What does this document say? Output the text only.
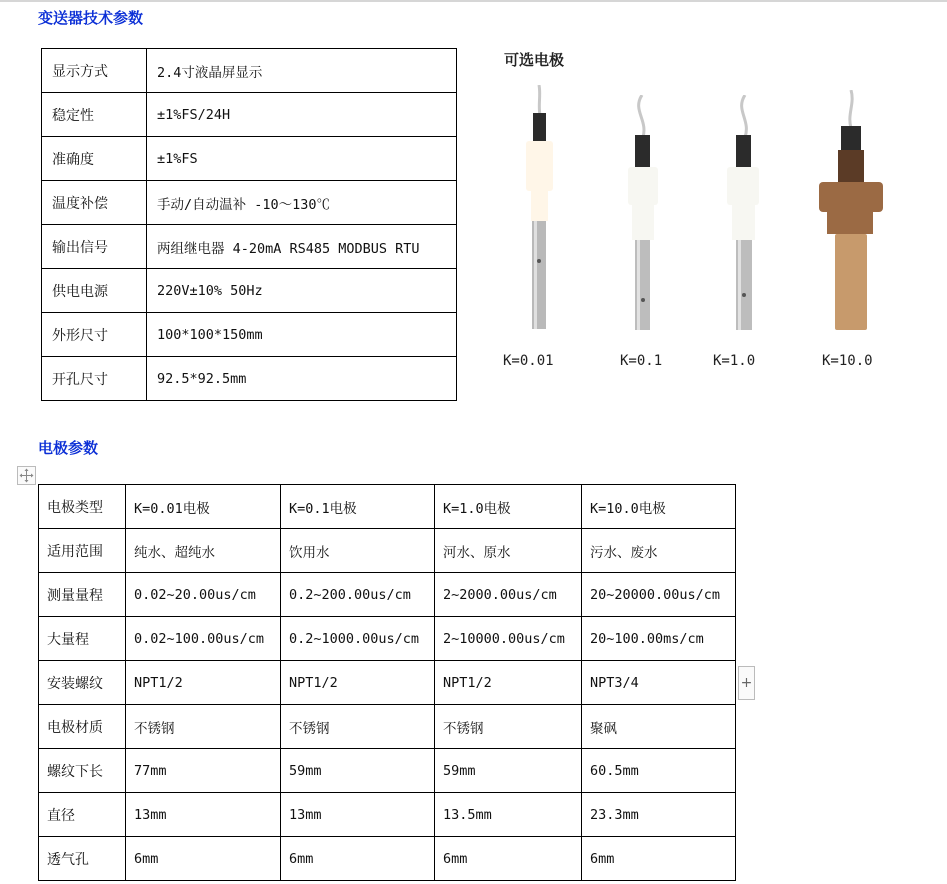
变送器技术参数
显示方式	2.4寸液晶屏显示
稳定性	±1%FS/24H
准确度	±1%FS
温度补偿	手动/自动温补 -10～130℃
输出信号	两组继电器 4-20mA RS485 MODBUS RTU
供电电源	220V±10% 50Hz
外形尺寸	100*100*150mm
开孔尺寸	92.5*92.5mm
可选电极
K=0.01	K=0.1	K=1.0	K=10.0
电极参数
电极类型	K=0.01电极	K=0.1电极	K=1.0电极	K=10.0电极
适用范围	纯水、超纯水	饮用水	河水、原水	污水、废水
测量量程	0.02~20.00us/cm	0.2~200.00us/cm	2~2000.00us/cm	20~20000.00us/cm
大量程	0.02~100.00us/cm	0.2~1000.00us/cm	2~10000.00us/cm	20~100.00ms/cm
安装螺纹	NPT1/2	NPT1/2	NPT1/2	NPT3/4
电极材质	不锈钢	不锈钢	不锈钢	聚砜
螺纹下长	77mm	59mm	59mm	60.5mm
直径	13mm	13mm	13.5mm	23.3mm
透气孔	6mm	6mm	6mm	6mm
+
